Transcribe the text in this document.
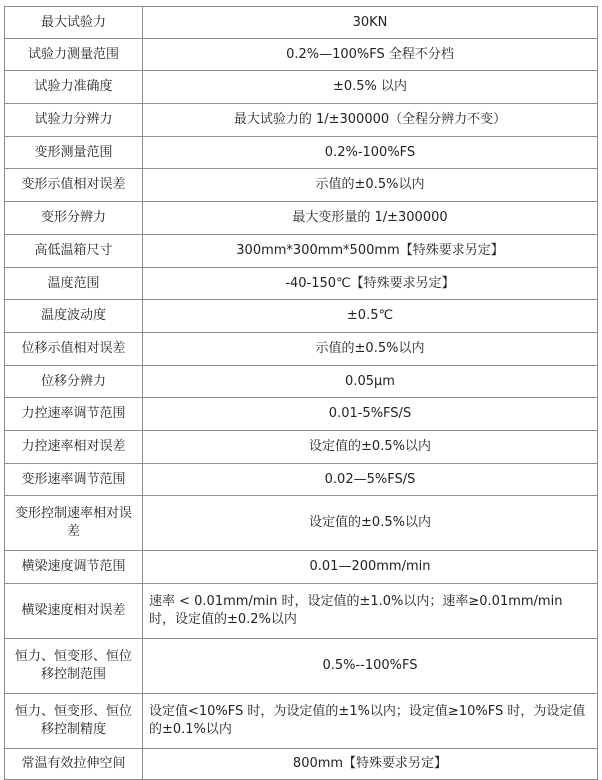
最大试验力	30KN
试验力测量范围	0.2%—100%FS 全程不分档
试验力准确度	±0.5% 以内
试验力分辨力	最大试验力的 1/±300000（全程分辨力不变）
变形测量范围	0.2%-100%FS
变形示值相对误差	示值的±0.5%以内
变形分辨力	最大变形量的 1/±300000
高低温箱尺寸	300mm*300mm*500mm【特殊要求另定】
温度范围	-40-150℃【特殊要求另定】
温度波动度	±0.5℃
位移示值相对误差	示值的±0.5%以内
位移分辨力	0.05μm
力控速率调节范围	0.01-5%FS/S
力控速率相对误差	设定值的±0.5%以内
变形速率调节范围	0.02—5%FS/S
变形控制速率相对误差	设定值的±0.5%以内
横梁速度调节范围	0.01—200mm/min
横梁速度相对误差	速率 < 0.01mm/min 时，设定值的±1.0%以内；速率≥0.01mm/min 时，设定值的±0.2%以内
恒力、恒变形、恒位移控制范围	0.5%--100%FS
恒力、恒变形、恒位移控制精度	设定值<10%FS 时，为设定值的±1%以内；设定值≥10%FS 时，为设定值的±0.1%以内
常温有效拉伸空间	800mm【特殊要求另定】
